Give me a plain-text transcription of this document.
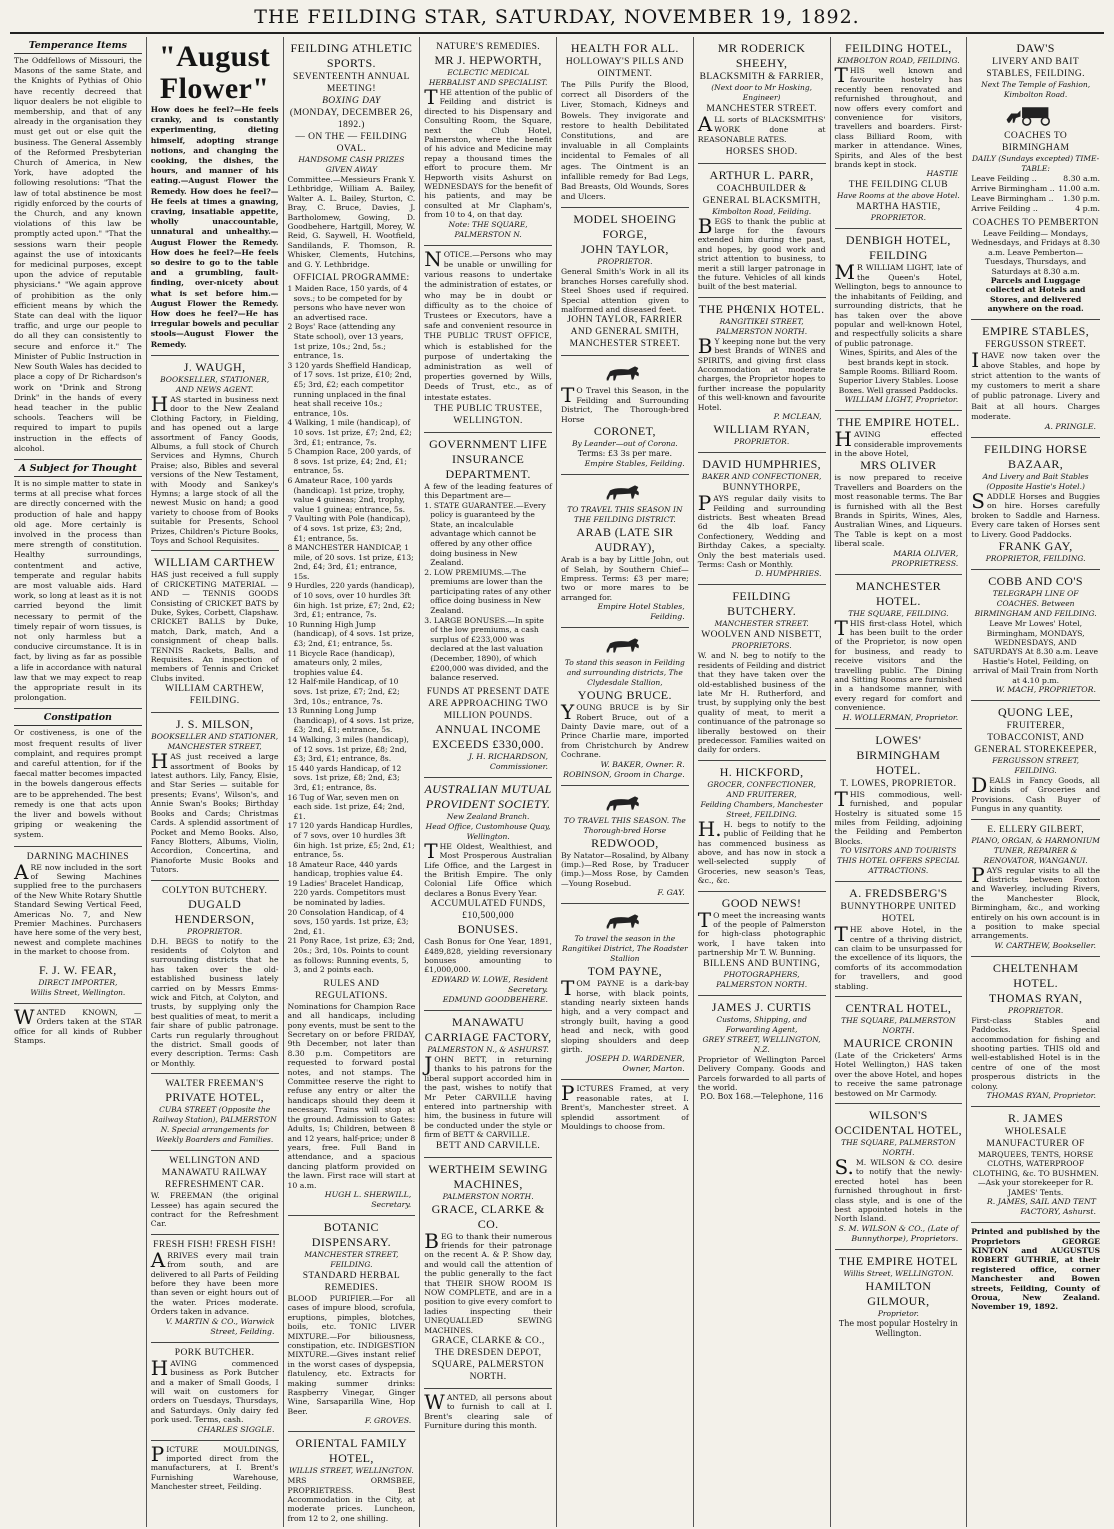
THE FEILDING STAR, SATURDAY, NOVEMBER 19, 1892.
Temperance Items
The Oddfellows of Missouri, the Masons of the same State, and the Knights of Pythias of Ohio have recently decreed that liquor dealers be not eligible to membership, and that of any already in the organisation they must get out or else quit the business. The General Assembly of the Reformed Presbyterian Church of America, in New York, have adopted the following resolutions: "That the law of total abstinence be most rigidly enforced by the courts of the Church, and any known violations of this law be promptly acted upon." "That the sessions warn their people against the use of intoxicants for medicinal purposes, except upon the advice of reputable physicians." "We again approve of prohibition as the only efficient means by which the State can deal with the liquor traffic, and urge our people to do all they can consistently to secure and enforce it." The Minister of Public Instruction in New South Wales has decided to place a copy of Dr Richardson's work on "Drink and Strong Drink" in the hands of every head teacher in the public schools. Teachers will be required to impart to pupils instruction in the effects of alcohol.
A Subject for Thought
It is no simple matter to state in terms at all precise what forces are directly concerned with the production of hale and happy old age. More certainly is involved in the process than mere strength of constitution. Healthy surroundings, contentment and active, temperate and regular habits are most valuable aids. Hard work, so long at least as it is not carried beyond the limit necessary to permit of the timely repair of worn tissues, is not only harmless but a conducive circumstance. It is in fact, by living as far as possible a life in accordance with natural law that we may expect to reap the appropriate result in its prolongation.
Constipation
Or costiveness, is one of the most frequent results of liver complaint, and requires prompt and careful attention, for if the faecal matter becomes impacted in the bowels dangerous effects are to be apprehended. The best remedy is one that acts upon the liver and bowels without griping or weakening the system.
DARNING MACHINES
ARE now included in the sort of Sewing Machines supplied free to the purchasers of the New White Rotary Shuttle Standard Sewing Vertical Feed, Americas No. 7, and New Premier Machines. Purchasers have here some of the very best, newest and complete machines in the market to choose from.
F. J. W. FEAR,
DIRECT IMPORTER,
Willis Street, Wellington.
WANTED KNOWN, — Orders taken at the STAR office for all kinds of Rubber Stamps.
"August
Flower"
How does he feel?—He feels cranky, and is constantly experimenting, dieting himself, adopting strange notions, and changing the cooking, the dishes, the hours, and manner of his eating.—August Flower the Remedy. How does he feel?—He feels at times a gnawing, craving, insatiable appetite, wholly unaccountable, unnatural and unhealthy.—August Flower the Remedy. How does he feel?—He feels so desire to go to the table and a grumbling, fault-finding, over-nicety about what is set before him.—August Flower the Remedy. How does he feel?—He has irregular bowels and peculiar stools—August Flower the Remedy.
J. WAUGH,
BOOKSELLER, STATIONER, AND NEWS AGENT.
HAS started in business next door to the New Zealand Clothing Factory, in Fielding, and has opened out a large assortment of Fancy Goods, Albums, a full stock of Church Services and Hymns, Church Praise; also, Bibles and several versions of the New Testament, with Moody and Sankey's Hymns; a large stock of all the newest Music on hand; a good variety to choose from of Books suitable for Presents, School Prizes, Children's Picture Books, Toys and School Requisites.
WILLIAM CARTHEW
HAS just received a full supply of CRICKETING MATERIAL — AND — TENNIS GOODS Consisting of CRICKET BATS by Duke, Sykes, Corbett, Clapshaw. CRICKET BALLS by Duke, match, Dark, match, And a consignment of cheap balls. TENNIS Rackets, Balls, and Requisites. An inspection of members of Tennis and Cricket Clubs invited.
WILLIAM CARTHEW, FEILDING.
J. S. MILSON,
BOOKSELLER AND STATIONER, MANCHESTER STREET,
HAS just received a large assortment of Books by latest authors. Lily, Fancy, Elsie, and Star Series — suitable for presents; Evans', Wilson's, and Annie Swan's Books; Birthday Books and Cards; Christmas Cards. A splendid assortment of Pocket and Memo Books. Also, Fancy Blotters, Albums, Violin, Accordion, Concertina, and Pianoforte Music Books and Tutors.
COLYTON BUTCHERY.
DUGALD HENDERSON,
PROPRIETOR.
D.H. BEGS to notify to the residents of Colyton and surrounding districts that he has taken over the old-established business lately carried on by Messrs Emms-wick and Fitch, at Colyton, and trusts, by supplying only the best qualities of meat, to merit a fair share of public patronage. Carts run regularly throughout the district. Small goods of every description. Terms: Cash or Monthly.
WALTER FREEMAN'S
PRIVATE HOTEL,
CUBA STREET (Opposite the Railway Station), PALMERSTON N. Special arrangements for Weekly Boarders and Families.
WELLINGTON AND MANAWATU RAILWAY REFRESHMENT CAR.
W. FREEMAN (the original Lessee) has again secured the contract for the Refreshment Car.
FRESH FISH! FRESH FISH!
ARRIVES every mail train from south, and are delivered to all Parts of Feilding before they have been more than seven or eight hours out of the water. Prices moderate. Orders taken in advance.
V. MARTIN & CO., Warwick Street, Feilding.
PORK BUTCHER.
HAVING commenced business as Pork Butcher and a maker of Small Goods, I will wait on customers for orders on Tuesdays, Thursdays, and Saturdays. Only dairy fed pork used. Terms, cash.
CHARLES SIGGLE.
PICTURE MOULDINGS, imported direct from the manufacturers, at I. Brent's Furnishing Warehouse, Manchester street, Feilding.
FEILDING ATHLETIC SPORTS.
SEVENTEENTH ANNUAL MEETING!
BOXING DAY
(MONDAY, DECEMBER 26, 1892.)
— ON THE — FEILDING OVAL.
HANDSOME CASH PRIZES GIVEN AWAY
Committee.—Messieurs Frank Y. Lethbridge, William A. Bailey, Walter A. L. Bailey, Sturton, C. Bray, C. Bruce, Davies, J. Bartholomew, Gowing, D. Goodbehere, Hartgill, Morey, W. Reid, G. Saywell, H. Wootfield, Sandilands, F. Thomson, R. Whisker, Clements, Hutchins, and G. Y. Lethbridge.
OFFICIAL PROGRAMME:
1 Maiden Race, 150 yards, of 4 sovs.; to be competed for by persons who have never won an advertised race.
2 Boys' Race (attending any State school), over 13 years, 1st prize, 10s.; 2nd, 5s.; entrance, 1s.
3 120 yards Sheffield Handicap, of 17 sovs. 1st prize, £10; 2nd, £5; 3rd, £2; each competitor running unplaced in the final heat shall receive 10s.; entrance, 10s.
4 Walking, 1 mile (handicap), of 10 sovs. 1st prize, £7; 2nd, £2; 3rd, £1; entrance, 7s.
5 Champion Race, 200 yards, of 8 sovs. 1st prize, £4; 2nd, £1; entrance, 5s.
6 Amateur Race, 100 yards (handicap). 1st prize, trophy, value 4 guineas; 2nd, trophy, value 1 guinea; entrance, 5s.
7 Vaulting with Pole (handicap), of 4 sovs. 1st prize, £3; 2nd, £1; entrance, 5s.
8 MANCHESTER HANDICAP, 1 mile, of 20 sovs. 1st prize, £13; 2nd, £4; 3rd, £1; entrance, 15s.
9 Hurdles, 220 yards (handicap), of 10 sovs, over 10 hurdles 3ft 6in high. 1st prize, £7; 2nd, £2; 3rd, £1; entrance, 7s.
10 Running High Jump (handicap), of 4 sovs. 1st prize, £3; 2nd, £1; entrance, 5s.
11 Bicycle Race (handicap), amateurs only, 2 miles, trophies value £4.
12 Half-mile Handicap, of 10 sovs. 1st prize, £7; 2nd, £2; 3rd, 10s.; entrance, 7s.
13 Running Long Jump (handicap), of 4 sovs. 1st prize, £3; 2nd, £1; entrance, 5s.
14 Walking, 3 miles (handicap), of 12 sovs. 1st prize, £8; 2nd, £3; 3rd, £1; entrance, 8s.
15 440 yards Handicap, of 12 sovs. 1st prize, £8; 2nd, £3; 3rd, £1; entrance, 8s.
16 Tug of War, seven men on each side. 1st prize, £4; 2nd, £1.
17 120 yards Handicap Hurdles, of 7 sovs, over 10 hurdles 3ft 6in high. 1st prize, £5; 2nd, £1; entrance, 5s.
18 Amateur Race, 440 yards handicap, trophies value £4.
19 Ladies' Bracelet Handicap, 220 yards. Competitors must be nominated by ladies.
20 Consolation Handicap, of 4 sovs, 150 yards. 1st prize, £3; 2nd, £1.
21 Pony Race, 1st prize, £3; 2nd, 20s.; 3rd, 10s. Points to count as follows: Running events, 5, 3, and 2 points each.
RULES AND REGULATIONS.
Nominations for Champion Race and all handicaps, including pony events, must be sent to the Secretary on or before FRIDAY, 9th December, not later than 8.30 p.m. Competitors are requested to forward postal notes, and not stamps. The Committee reserve the right to refuse any entry or alter the handicaps should they deem it necessary. Trains will stop at the ground. Admission to Gates: Adults, 1s; Children, between 8 and 12 years, half-price; under 8 years, free. Full Band in attendance, and a spacious dancing platform provided on the lawn. First race will start at 10 a.m.
HUGH L. SHERWILL, Secretary.
BOTANIC DISPENSARY.
MANCHESTER STREET, FEILDING.
STANDARD HERBAL REMEDIES.
BLOOD PURIFIER.—For all cases of impure blood, scrofula, eruptions, pimples, blotches, boils, etc. TONIC LIVER MIXTURE.—For biliousness, constipation, etc. INDIGESTION MIXTURE.—Gives instant relief in the worst cases of dyspepsia, flatulency, etc. Extracts for making summer drinks: Raspberry Vinegar, Ginger Wine, Sarsaparilla Wine, Hop Beer.
F. GROVES.
ORIENTAL FAMILY HOTEL,
WILLIS STREET, WELLINGTON.
MRS ORMSBEE, PROPRIETRESS. Best Accommodation in the City, at moderate prices. Luncheon, from 12 to 2, one shilling.
NATURE'S REMEDIES.
MR J. HEPWORTH,
ECLECTIC MEDICAL HERBALIST AND SPECIALIST.
THE attention of the public of Feilding and district is directed to his Dispensary and Consulting Room, the Square, next the Club Hotel, Palmerston, where the benefit of his advice and Medicine may repay a thousand times the effort to procure them. Mr Hepworth visits Ashurst on WEDNESDAYS for the benefit of his patients, and may be consulted at Mr Clapham's, from 10 to 4, on that day.
Note: THE SQUARE, PALMERSTON N.
NOTICE.—Persons who may be unable or unwilling for various reasons to undertake the administration of estates, or who may be in doubt or difficulty as to the choice of Trustees or Executors, have a safe and convenient resource in THE PUBLIC TRUST OFFICE, which is established for the purpose of undertaking the administration as well of properties governed by Wills, Deeds of Trust, etc., as of intestate estates.
THE PUBLIC TRUSTEE, WELLINGTON.
GOVERNMENT LIFE INSURANCE DEPARTMENT.
A few of the leading features of this Department are—
1. STATE GUARANTEE.—Every policy is guaranteed by the State, an incalculable advantage which cannot be offered by any other office doing business in New Zealand.
2. LOW PREMIUMS.—The premiums are lower than the participating rates of any other office doing business in New Zealand.
3. LARGE BONUSES.—In spite of the low premiums, a cash surplus of £233,000 was declared at the last valuation (December, 1890), of which £200,000 was divided, and the balance reserved.
FUNDS AT PRESENT DATE ARE APPROACHING TWO MILLION POUNDS.
ANNUAL INCOME EXCEEDS £330,000.
J. H. RICHARDSON, Commissioner.
AUSTRALIAN MUTUAL PROVIDENT SOCIETY.
New Zealand Branch.
Head Office, Customhouse Quay, Wellington.
THE Oldest, Wealthiest, and Most Prosperous Australian Life Office, and the Largest in the British Empire. The only Colonial Life Office which declares a Bonus Every Year.
ACCUMULATED FUNDS, £10,500,000
BONUSES.
Cash Bonus for One Year, 1891, £489,828, yielding reversionary bonuses amounting to £1,000,000.
EDWARD W. LOWE, Resident Secretary.
EDMUND GOODBEHERE.
MANAWATU CARRIAGE FACTORY,
PALMERSTON N., & ASHURST.
JOHN BETT, in returning thanks to his patrons for the liberal support accorded him in the past, wishes to notify that Mr Peter CARVILLE having entered into partnership with him, the business in future will be conducted under the style or firm of BETT & CARVILLE.
BETT AND CARVILLE.
WERTHEIM SEWING MACHINES,
PALMERSTON NORTH.
GRACE, CLARKE & CO.
BEG to thank their numerous friends for their patronage on the recent A. & P. Show day, and would call the attention of the public generally to the fact that THEIR SHOW ROOM IS NOW COMPLETE, and are in a position to give every comfort to ladies inspecting their UNEQUALLED SEWING MACHINES.
GRACE, CLARKE & CO., THE DRESDEN DEPOT, SQUARE, PALMERSTON NORTH.
WANTED, all persons about to furnish to call at I. Brent's clearing sale of Furniture during this month.
HEALTH FOR ALL.
HOLLOWAY'S PILLS AND OINTMENT.
The Pills Purify the Blood, correct all Disorders of the Liver, Stomach, Kidneys and Bowels. They invigorate and restore to health Debilitated Constitutions, and are invaluable in all Complaints incidental to Females of all ages. The Ointment is an infallible remedy for Bad Legs, Bad Breasts, Old Wounds, Sores and Ulcers.
MODEL SHOEING FORGE,
JOHN TAYLOR,
PROPRIETOR.
General Smith's Work in all its branches Horses carefully shod. Steel Shoes used if required. Special attention given to malformed and diseased feet.
JOHN TAYLOR, FARRIER AND GENERAL SMITH, MANCHESTER STREET.
TO Travel this Season, in the Feilding and Surrounding District, The Thorough-bred Horse
CORONET,
By Leander—out of Corona.
Terms: £3 3s per mare.
Empire Stables, Feilding.
TO TRAVEL THIS SEASON IN THE FEILDING DISTRICT.
ARAB (LATE SIR AUDRAY),
Arab is a bay by Little John, out of Selah, by Southern Chief—Empress. Terms: £3 per mare; two or more mares to be arranged for.
Empire Hotel Stables, Feilding.
To stand this season in Feilding and surrounding districts, The Clydesdale Stallion,
YOUNG BRUCE.
YOUNG BRUCE is by Sir Robert Bruce, out of a Dainty Davie mare, out of a Prince Charlie mare, imported from Christchurch by Andrew Cochrane.
W. BAKER, Owner. R. ROBINSON, Groom in Charge.
TO TRAVEL THIS SEASON. The Thorough-bred Horse
REDWOOD,
By Natator—Rosalind, by Albany (imp.)—Red Rose, by Traducer (imp.)—Moss Rose, by Camden—Young Rosebud.
F. GAY.
To travel the season in the Rangitikei District, The Roadster Stallion
TOM PAYNE,
TOM PAYNE is a dark-bay horse, with black points, standing nearly sixteen hands high, and a very compact and strongly built, having a good head and neck, with good sloping shoulders and deep girth.
JOSEPH D. WARDENER, Owner, Marton.
PICTURES Framed, at very reasonable rates, at I. Brent's, Manchester street. A splendid assortment of Mouldings to choose from.
MR RODERICK SHEEHY,
BLACKSMITH & FARRIER,
(Next door to Mr Hosking, Engineer)
MANCHESTER STREET.
ALL sorts of BLACKSMITHS' WORK done at REASONABLE RATES.
HORSES SHOD.
ARTHUR L. PARR,
COACHBUILDER & GENERAL BLACKSMITH,
Kimbolton Road, Feilding.
BEGS to thank the public at large for the favours extended him during the past, and hopes, by good work and strict attention to business, to merit a still larger patronage in the future. Vehicles of all kinds built of the best material.
THE PHŒNIX HOTEL.
RANGITIKEI STREET, PALMERSTON NORTH.
BY keeping none but the very best Brands of WINES and SPIRITS, and giving first class Accommodation at moderate charges, the Proprietor hopes to further increase the popularity of this well-known and favourite Hotel.
P. MCLEAN,
WILLIAM RYAN,
PROPRIETOR.
DAVID HUMPHRIES,
BAKER AND CONFECTIONER,
BUNNYTHORPE,
PAYS regular daily visits to Feilding and surrounding districts. Best wheaten Bread 6d the 4lb loaf. Fancy Confectionery, Wedding and Birthday Cakes, a specialty. Only the best materials used. Terms: Cash or Monthly.
D. HUMPHRIES.
FEILDING BUTCHERY.
MANCHESTER STREET.
WOOLVEN AND NISBETT,
PROPRIETORS.
W. and N. beg to notify to the residents of Feilding and district that they have taken over the old-established business of the late Mr H. Rutherford, and trust, by supplying only the best quality of meat, to merit a continuance of the patronage so liberally bestowed on their predecessor. Families waited on daily for orders.
H. HICKFORD,
GROCER, CONFECTIONER, AND FRUITERER,
Feilding Chambers, Manchester Street, FEILDING.
H.H. begs to notify to the public of Feilding that he has commenced business as above, and has now in stock a well-selected supply of Groceries, new season's Teas, &c., &c.
GOOD NEWS!
TO meet the increasing wants of the people of Palmerston for high-class photographic work, I have taken into partnership Mr T. W. Bunning.
BILLENS AND BUNTING,
PHOTOGRAPHERS, PALMERSTON NORTH.
JAMES J. CURTIS
Customs, Shipping, and Forwarding Agent,
GREY STREET, WELLINGTON, N.Z.
Proprietor of Wellington Parcel Delivery Company. Goods and Parcels forwarded to all parts of the world.
P.O. Box 168.—Telephone, 116
FEILDING HOTEL,
KIMBOLTON ROAD, FEILDING.
THIS well known and favourite hostelry has recently been renovated and refurnished throughout, and now offers every comfort and convenience for visitors, travellers and boarders. First-class Billiard Room, with marker in attendance. Wines, Spirits, and Ales of the best brands kept in stock.
HASTIE
THE FEILDING CLUB
Have Rooms at the above Hotel.
MARTHA HASTIE,
PROPRIETOR.
DENBIGH HOTEL, FEILDING
MR WILLIAM LIGHT, late of the Queen's Hotel, Wellington, begs to announce to the inhabitants of Feilding, and surrounding districts, that he has taken over the above popular and well-known Hotel, and respectfully solicits a share of public patronage.
Wines, Spirits, and Ales of the best brands kept in stock. Sample Rooms. Billiard Room. Superior Livery Stables. Loose Boxes. Well grassed Paddocks.
WILLIAM LIGHT, Proprietor.
THE EMPIRE HOTEL.
HAVING effected considerable improvements in the above Hotel,
MRS OLIVER
is now prepared to receive Travellers and Boarders on the most reasonable terms. The Bar is furnished with all the Best Brands in Spirits, Wines, Ales, Australian Wines, and Liqueurs. The Table is kept on a most liberal scale.
MARIA OLIVER, PROPRIETRESS.
MANCHESTER HOTEL.
THE SQUARE, FEILDING.
THIS first-class Hotel, which has been built to the order of the Proprietor, is now open for business, and ready to receive visitors and the travelling public. The Dining and Sitting Rooms are furnished in a handsome manner, with every regard for comfort and convenience.
H. WOLLERMAN, Proprietor.
LOWES' BIRMINGHAM HOTEL.
T. LOWES, PROPRIETOR.
THIS commodious, well-furnished, and popular Hostelry is situated some 15 miles from Feilding, adjoining the Feilding and Pemberton Blocks.
TO VISITORS AND TOURISTS THIS HOTEL OFFERS SPECIAL ATTRACTIONS.
A. FREDSBERG'S
BUNNYTHORPE UNITED HOTEL
THE above Hotel, in the centre of a thriving district, can claim to be unsurpassed for the excellence of its liquors, the comforts of its accommodation for travellers, and good stabling.
CENTRAL HOTEL,
THE SQUARE, PALMERSTON NORTH.
MAURICE CRONIN
(Late of the Cricketers' Arms Hotel Wellington,) HAS taken over the above Hotel, and hopes to receive the same patronage bestowed on Mr Carmody.
WILSON'S OCCIDENTAL HOTEL,
THE SQUARE, PALMERSTON NORTH.
S.M. WILSON & CO. desire to notify that the newly-erected hotel has been furnished throughout in first-class style, and is one of the best appointed hotels in the North Island.
S. M. WILSON & CO., (Late of Bunnythorpe), Proprietors.
THE EMPIRE HOTEL
Willis Street, WELLINGTON.
HAMILTON GILMOUR,
Proprietor.
The most popular Hostelry in Wellington.
DAW'S
LIVERY AND BAIT STABLES, FEILDING.
Next The Temple of Fashion, Kimbolton Road.
COACHES TO BIRMINGHAM
DAILY (Sundays excepted) TIME-TABLE:
Leave Feilding ..	8.30 a.m.
Arrive Birmingham .. 11.00 a.m.
Leave Birmingham .. 1.30 p.m.
Arrive Feilding ..	4 p.m.
COACHES TO PEMBERTON
Leave Feilding— Mondays, Wednesdays, and Fridays at 8.30 a.m. Leave Pemberton— Tuesdays, Thursdays, and Saturdays at 8.30 a.m.
Parcels and Luggage collected at Hotels and Stores, and delivered anywhere on the road.
EMPIRE STABLES,
FERGUSSON STREET.
IHAVE now taken over the above Stables, and hope by strict attention to the wants of my customers to merit a share of public patronage. Livery and Bait at all hours. Charges moderate.
A. PRINGLE.
FEILDING HORSE BAZAAR,
And Livery and Bait Stables (Opposite Hastie's Hotel.)
SADDLE Horses and Buggies on hire. Horses carefully broken to Saddle and Harness. Every care taken of Horses sent to Livery. Good Paddocks.
FRANK GAY,
PROPRIETOR, FEILDING.
COBB AND CO'S
TELEGRAPH LINE OF COACHES. Between BIRMINGHAM AND FEILDING.
Leave Mr Lowes' Hotel, Birmingham, MONDAYS, WEDNESDAYS, AND SATURDAYS At 8.30 a.m. Leave Hastie's Hotel, Feilding, on arrival of Mail Train from North at 4.10 p.m.
W. MACH, PROPRIETOR.
QUONG LEE,
FRUITERER, TOBACCONIST, AND GENERAL STOREKEEPER,
FERGUSSON STREET, FEILDING.
DEALS in Fancy Goods, all kinds of Groceries and Provisions. Cash Buyer of Fungus in any quantity.
E. ELLERY GILBERT,
PIANO, ORGAN, & HARMONIUM TUNER, REPAIRER & RENOVATOR, WANGANUI.
PAYS regular visits to all the districts between Foxton and Waverley, including Rivers, the Manchester Block, Birmingham, &c., and working entirely on his own account is in a position to make special arrangements.
W. CARTHEW, Bookseller.
CHELTENHAM HOTEL.
THOMAS RYAN,
PROPRIETOR.
First-class Stables and Paddocks. Special accommodation for fishing and shooting parties. THIS old and well-established Hotel is in the centre of one of the most prosperous districts in the colony.
THOMAS RYAN, Proprietor.
R. JAMES
WHOLESALE MANUFACTURER OF
MARQUEES, TENTS, HORSE CLOTHS, WATERPROOF CLOTHING, &c. TO BUSHMEN.—Ask your storekeeper for R. JAMES' Tents.
R. JAMES, SAIL AND TENT FACTORY, Ashurst.
Printed and published by the Proprietors GEORGE KINTON and AUGUSTUS ROBERT GUTHRIE, at their registered office, corner Manchester and Bowen streets, Feilding, County of Oroua, New Zealand. November 19, 1892.
